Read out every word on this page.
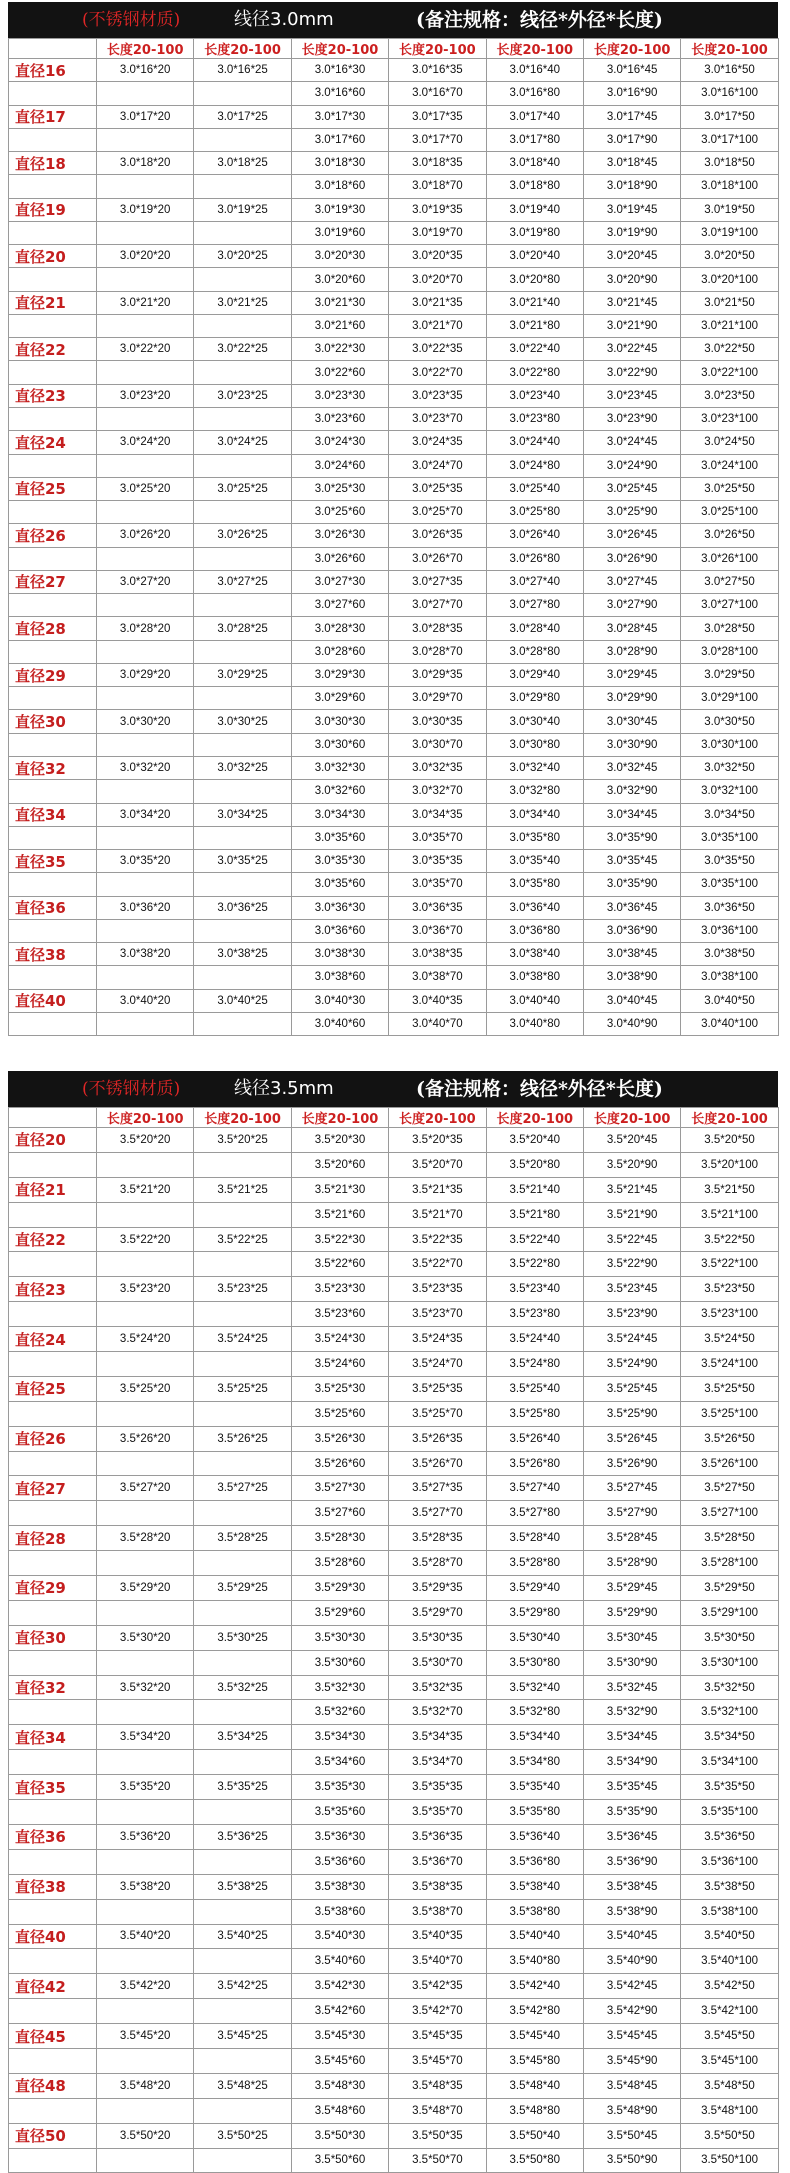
(不锈钢材质)	线径3.0mm	(备注规格：线径*外径*长度)
	长度20-100	长度20-100	长度20-100	长度20-100	长度20-100	长度20-100	长度20-100
直径16	3.0*16*20	3.0*16*25	3.0*16*30	3.0*16*35	3.0*16*40	3.0*16*45	3.0*16*50
			3.0*16*60	3.0*16*70	3.0*16*80	3.0*16*90	3.0*16*100
直径17	3.0*17*20	3.0*17*25	3.0*17*30	3.0*17*35	3.0*17*40	3.0*17*45	3.0*17*50
			3.0*17*60	3.0*17*70	3.0*17*80	3.0*17*90	3.0*17*100
直径18	3.0*18*20	3.0*18*25	3.0*18*30	3.0*18*35	3.0*18*40	3.0*18*45	3.0*18*50
			3.0*18*60	3.0*18*70	3.0*18*80	3.0*18*90	3.0*18*100
直径19	3.0*19*20	3.0*19*25	3.0*19*30	3.0*19*35	3.0*19*40	3.0*19*45	3.0*19*50
			3.0*19*60	3.0*19*70	3.0*19*80	3.0*19*90	3.0*19*100
直径20	3.0*20*20	3.0*20*25	3.0*20*30	3.0*20*35	3.0*20*40	3.0*20*45	3.0*20*50
			3.0*20*60	3.0*20*70	3.0*20*80	3.0*20*90	3.0*20*100
直径21	3.0*21*20	3.0*21*25	3.0*21*30	3.0*21*35	3.0*21*40	3.0*21*45	3.0*21*50
			3.0*21*60	3.0*21*70	3.0*21*80	3.0*21*90	3.0*21*100
直径22	3.0*22*20	3.0*22*25	3.0*22*30	3.0*22*35	3.0*22*40	3.0*22*45	3.0*22*50
			3.0*22*60	3.0*22*70	3.0*22*80	3.0*22*90	3.0*22*100
直径23	3.0*23*20	3.0*23*25	3.0*23*30	3.0*23*35	3.0*23*40	3.0*23*45	3.0*23*50
			3.0*23*60	3.0*23*70	3.0*23*80	3.0*23*90	3.0*23*100
直径24	3.0*24*20	3.0*24*25	3.0*24*30	3.0*24*35	3.0*24*40	3.0*24*45	3.0*24*50
			3.0*24*60	3.0*24*70	3.0*24*80	3.0*24*90	3.0*24*100
直径25	3.0*25*20	3.0*25*25	3.0*25*30	3.0*25*35	3.0*25*40	3.0*25*45	3.0*25*50
			3.0*25*60	3.0*25*70	3.0*25*80	3.0*25*90	3.0*25*100
直径26	3.0*26*20	3.0*26*25	3.0*26*30	3.0*26*35	3.0*26*40	3.0*26*45	3.0*26*50
			3.0*26*60	3.0*26*70	3.0*26*80	3.0*26*90	3.0*26*100
直径27	3.0*27*20	3.0*27*25	3.0*27*30	3.0*27*35	3.0*27*40	3.0*27*45	3.0*27*50
			3.0*27*60	3.0*27*70	3.0*27*80	3.0*27*90	3.0*27*100
直径28	3.0*28*20	3.0*28*25	3.0*28*30	3.0*28*35	3.0*28*40	3.0*28*45	3.0*28*50
			3.0*28*60	3.0*28*70	3.0*28*80	3.0*28*90	3.0*28*100
直径29	3.0*29*20	3.0*29*25	3.0*29*30	3.0*29*35	3.0*29*40	3.0*29*45	3.0*29*50
			3.0*29*60	3.0*29*70	3.0*29*80	3.0*29*90	3.0*29*100
直径30	3.0*30*20	3.0*30*25	3.0*30*30	3.0*30*35	3.0*30*40	3.0*30*45	3.0*30*50
			3.0*30*60	3.0*30*70	3.0*30*80	3.0*30*90	3.0*30*100
直径32	3.0*32*20	3.0*32*25	3.0*32*30	3.0*32*35	3.0*32*40	3.0*32*45	3.0*32*50
			3.0*32*60	3.0*32*70	3.0*32*80	3.0*32*90	3.0*32*100
直径34	3.0*34*20	3.0*34*25	3.0*34*30	3.0*34*35	3.0*34*40	3.0*34*45	3.0*34*50
			3.0*35*60	3.0*35*70	3.0*35*80	3.0*35*90	3.0*35*100
直径35	3.0*35*20	3.0*35*25	3.0*35*30	3.0*35*35	3.0*35*40	3.0*35*45	3.0*35*50
			3.0*35*60	3.0*35*70	3.0*35*80	3.0*35*90	3.0*35*100
直径36	3.0*36*20	3.0*36*25	3.0*36*30	3.0*36*35	3.0*36*40	3.0*36*45	3.0*36*50
			3.0*36*60	3.0*36*70	3.0*36*80	3.0*36*90	3.0*36*100
直径38	3.0*38*20	3.0*38*25	3.0*38*30	3.0*38*35	3.0*38*40	3.0*38*45	3.0*38*50
			3.0*38*60	3.0*38*70	3.0*38*80	3.0*38*90	3.0*38*100
直径40	3.0*40*20	3.0*40*25	3.0*40*30	3.0*40*35	3.0*40*40	3.0*40*45	3.0*40*50
			3.0*40*60	3.0*40*70	3.0*40*80	3.0*40*90	3.0*40*100
(不锈钢材质)	线径3.5mm	(备注规格：线径*外径*长度)
	长度20-100	长度20-100	长度20-100	长度20-100	长度20-100	长度20-100	长度20-100
直径20	3.5*20*20	3.5*20*25	3.5*20*30	3.5*20*35	3.5*20*40	3.5*20*45	3.5*20*50
			3.5*20*60	3.5*20*70	3.5*20*80	3.5*20*90	3.5*20*100
直径21	3.5*21*20	3.5*21*25	3.5*21*30	3.5*21*35	3.5*21*40	3.5*21*45	3.5*21*50
			3.5*21*60	3.5*21*70	3.5*21*80	3.5*21*90	3.5*21*100
直径22	3.5*22*20	3.5*22*25	3.5*22*30	3.5*22*35	3.5*22*40	3.5*22*45	3.5*22*50
			3.5*22*60	3.5*22*70	3.5*22*80	3.5*22*90	3.5*22*100
直径23	3.5*23*20	3.5*23*25	3.5*23*30	3.5*23*35	3.5*23*40	3.5*23*45	3.5*23*50
			3.5*23*60	3.5*23*70	3.5*23*80	3.5*23*90	3.5*23*100
直径24	3.5*24*20	3.5*24*25	3.5*24*30	3.5*24*35	3.5*24*40	3.5*24*45	3.5*24*50
			3.5*24*60	3.5*24*70	3.5*24*80	3.5*24*90	3.5*24*100
直径25	3.5*25*20	3.5*25*25	3.5*25*30	3.5*25*35	3.5*25*40	3.5*25*45	3.5*25*50
			3.5*25*60	3.5*25*70	3.5*25*80	3.5*25*90	3.5*25*100
直径26	3.5*26*20	3.5*26*25	3.5*26*30	3.5*26*35	3.5*26*40	3.5*26*45	3.5*26*50
			3.5*26*60	3.5*26*70	3.5*26*80	3.5*26*90	3.5*26*100
直径27	3.5*27*20	3.5*27*25	3.5*27*30	3.5*27*35	3.5*27*40	3.5*27*45	3.5*27*50
			3.5*27*60	3.5*27*70	3.5*27*80	3.5*27*90	3.5*27*100
直径28	3.5*28*20	3.5*28*25	3.5*28*30	3.5*28*35	3.5*28*40	3.5*28*45	3.5*28*50
			3.5*28*60	3.5*28*70	3.5*28*80	3.5*28*90	3.5*28*100
直径29	3.5*29*20	3.5*29*25	3.5*29*30	3.5*29*35	3.5*29*40	3.5*29*45	3.5*29*50
			3.5*29*60	3.5*29*70	3.5*29*80	3.5*29*90	3.5*29*100
直径30	3.5*30*20	3.5*30*25	3.5*30*30	3.5*30*35	3.5*30*40	3.5*30*45	3.5*30*50
			3.5*30*60	3.5*30*70	3.5*30*80	3.5*30*90	3.5*30*100
直径32	3.5*32*20	3.5*32*25	3.5*32*30	3.5*32*35	3.5*32*40	3.5*32*45	3.5*32*50
			3.5*32*60	3.5*32*70	3.5*32*80	3.5*32*90	3.5*32*100
直径34	3.5*34*20	3.5*34*25	3.5*34*30	3.5*34*35	3.5*34*40	3.5*34*45	3.5*34*50
			3.5*34*60	3.5*34*70	3.5*34*80	3.5*34*90	3.5*34*100
直径35	3.5*35*20	3.5*35*25	3.5*35*30	3.5*35*35	3.5*35*40	3.5*35*45	3.5*35*50
			3.5*35*60	3.5*35*70	3.5*35*80	3.5*35*90	3.5*35*100
直径36	3.5*36*20	3.5*36*25	3.5*36*30	3.5*36*35	3.5*36*40	3.5*36*45	3.5*36*50
			3.5*36*60	3.5*36*70	3.5*36*80	3.5*36*90	3.5*36*100
直径38	3.5*38*20	3.5*38*25	3.5*38*30	3.5*38*35	3.5*38*40	3.5*38*45	3.5*38*50
			3.5*38*60	3.5*38*70	3.5*38*80	3.5*38*90	3.5*38*100
直径40	3.5*40*20	3.5*40*25	3.5*40*30	3.5*40*35	3.5*40*40	3.5*40*45	3.5*40*50
			3.5*40*60	3.5*40*70	3.5*40*80	3.5*40*90	3.5*40*100
直径42	3.5*42*20	3.5*42*25	3.5*42*30	3.5*42*35	3.5*42*40	3.5*42*45	3.5*42*50
			3.5*42*60	3.5*42*70	3.5*42*80	3.5*42*90	3.5*42*100
直径45	3.5*45*20	3.5*45*25	3.5*45*30	3.5*45*35	3.5*45*40	3.5*45*45	3.5*45*50
			3.5*45*60	3.5*45*70	3.5*45*80	3.5*45*90	3.5*45*100
直径48	3.5*48*20	3.5*48*25	3.5*48*30	3.5*48*35	3.5*48*40	3.5*48*45	3.5*48*50
			3.5*48*60	3.5*48*70	3.5*48*80	3.5*48*90	3.5*48*100
直径50	3.5*50*20	3.5*50*25	3.5*50*30	3.5*50*35	3.5*50*40	3.5*50*45	3.5*50*50
			3.5*50*60	3.5*50*70	3.5*50*80	3.5*50*90	3.5*50*100
